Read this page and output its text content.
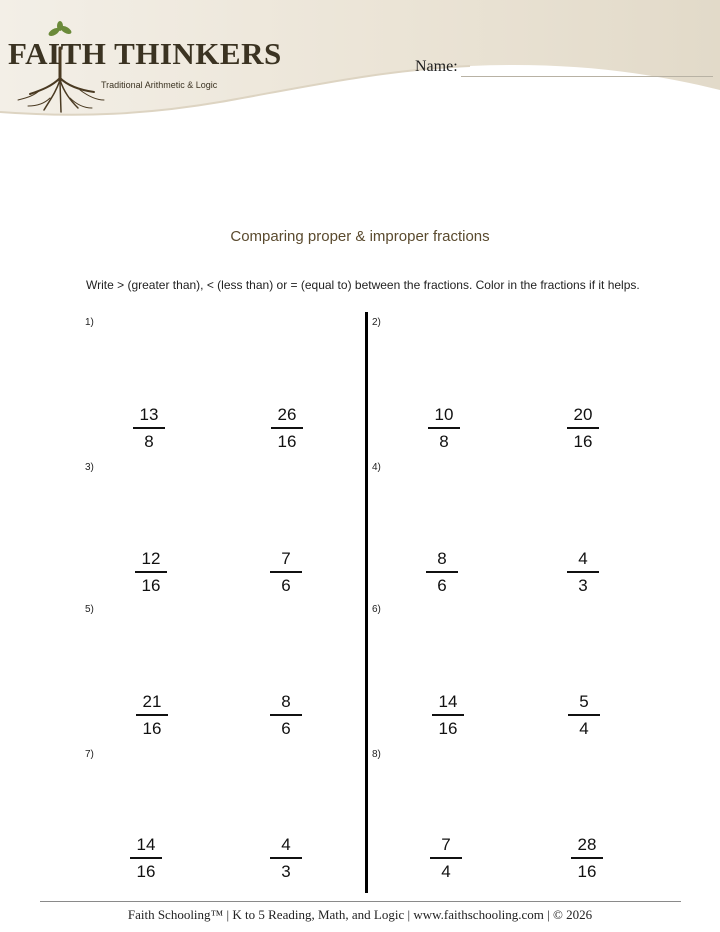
FAITH THINKERS
Traditional Arithmetic & Logic
Name:
Comparing proper & improper fractions
Write > (greater than), < (less than) or = (equal to) between the fractions. Color in the fractions if it helps.
1)
13
8
26
16
2)
10
8
20
16
3)
12
16
7
6
4)
8
6
4
3
5)
21
16
8
6
6)
14
16
5
4
7)
14
16
4
3
8)
7
4
28
16
Faith Schooling™ | K to 5 Reading, Math, and Logic | www.faithschooling.com | © 2026
